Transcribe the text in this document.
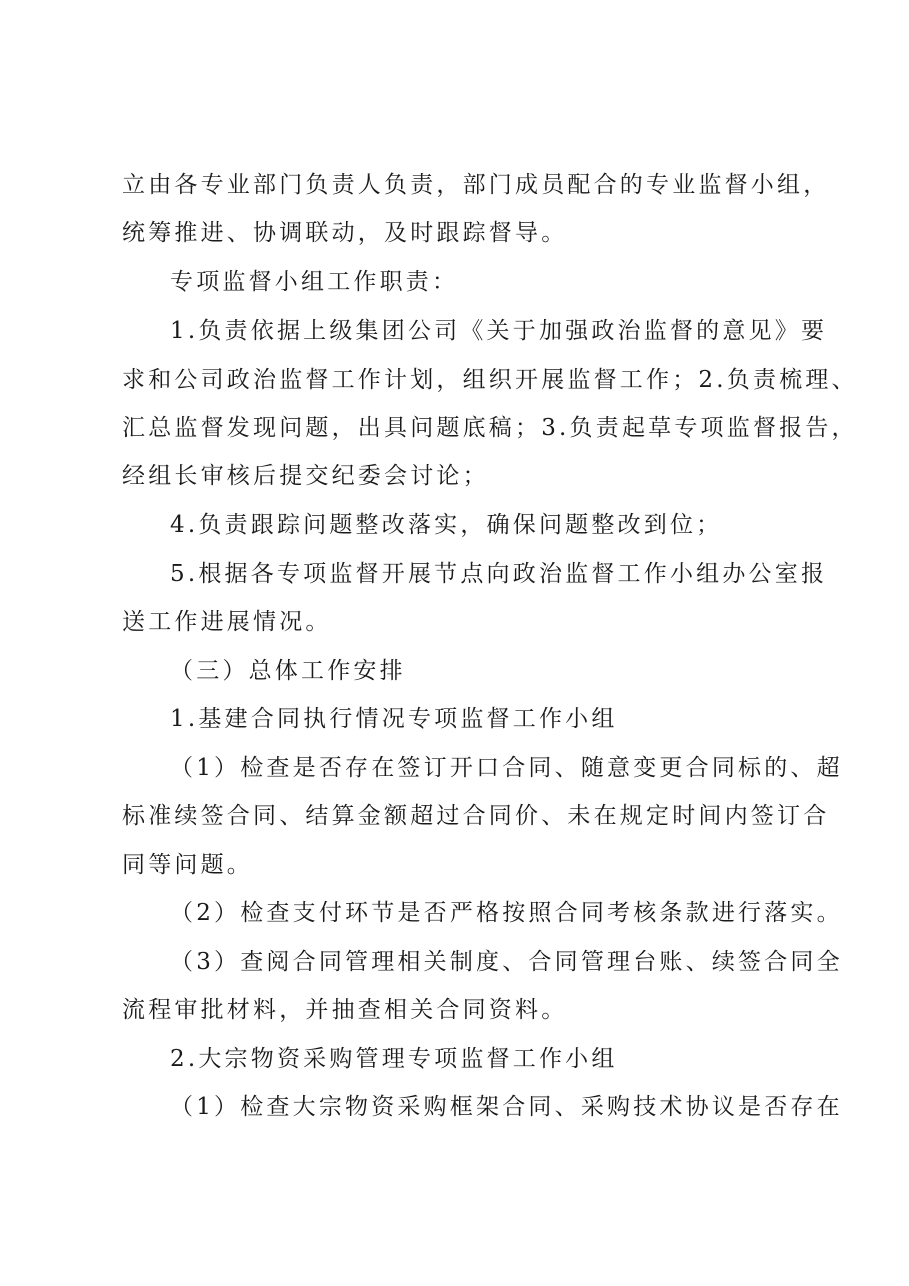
立由各专业部门负责人负责，部门成员配合的专业监督小组，
统筹推进、协调联动，及时跟踪督导。
专项监督小组工作职责：
1.负责依据上级集团公司《关于加强政治监督的意见》要
求和公司政治监督工作计划，组织开展监督工作；2.负责梳理、
汇总监督发现问题，出具问题底稿；3.负责起草专项监督报告，
经组长审核后提交纪委会讨论；
4.负责跟踪问题整改落实，确保问题整改到位；
5.根据各专项监督开展节点向政治监督工作小组办公室报
送工作进展情况。
（三）总体工作安排
1.基建合同执行情况专项监督工作小组
（1）检查是否存在签订开口合同、随意变更合同标的、超
标准续签合同、结算金额超过合同价、未在规定时间内签订合
同等问题。
（2）检查支付环节是否严格按照合同考核条款进行落实。
（3）查阅合同管理相关制度、合同管理台账、续签合同全
流程审批材料，并抽查相关合同资料。
2.大宗物资采购管理专项监督工作小组
（1）检查大宗物资采购框架合同、采购技术协议是否存在
